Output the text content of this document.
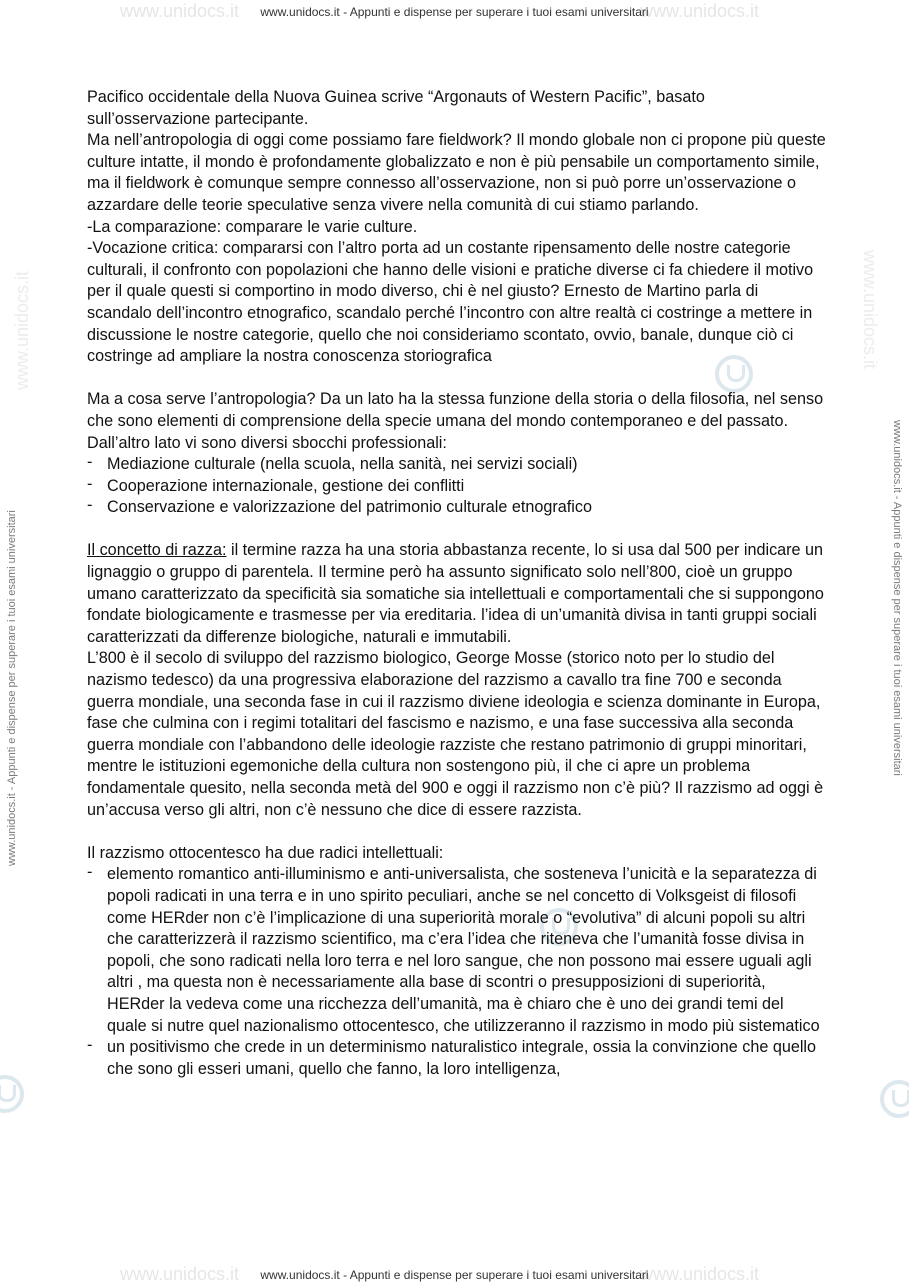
www.unidocs.it	www.unidocs.it
www.unidocs.it - Appunti e dispense per superare i tuoi esami universitari
www.unidocs.it	www.unidocs.it
www.unidocs.it - Appunti e dispense per superare i tuoi esami universitari	www.unidocs.it - Appunti e dispense per superare i tuoi esami universitari

Pacifico occidentale della Nuova Guinea scrive “Argonauts of Western Pacific”, basato sull’osservazione partecipante.

Ma nell’antropologia di oggi come possiamo fare fieldwork? Il mondo globale non ci propone più queste culture intatte, il mondo è profondamente globalizzato e non è più pensabile un comportamento simile, ma il fieldwork è comunque sempre connesso all’osservazione, non si può porre un’osservazione o azzardare delle teorie speculative senza vivere nella comunità di cui stiamo parlando.

-La comparazione: comparare le varie culture.

-Vocazione critica: compararsi con l’altro porta ad un costante ripensamento delle nostre categorie culturali, il confronto con popolazioni che hanno delle visioni e pratiche diverse ci fa chiedere il motivo per il quale questi si comportino in modo diverso, chi è nel giusto? Ernesto de Martino parla di scandalo dell’incontro etnografico, scandalo perché l’incontro con altre realtà ci costringe a mettere in discussione le nostre categorie, quello che noi consideriamo scontato, ovvio, banale, dunque ciò ci costringe ad ampliare la nostra conoscenza storiografica

Ma a cosa serve l’antropologia? Da un lato ha la stessa funzione della storia o della filosofia, nel senso che sono elementi di comprensione della specie umana del mondo contemporaneo e del passato. Dall’altro lato vi sono diversi sbocchi professionali:

- Mediazione culturale (nella scuola, nella sanità, nei servizi sociali)
- Cooperazione internazionale, gestione dei conflitti
- Conservazione e valorizzazione del patrimonio culturale etnografico

Il concetto di razza: il termine razza ha una storia abbastanza recente, lo si usa dal 500 per indicare un lignaggio o gruppo di parentela. Il termine però ha assunto significato solo nell’800, cioè un gruppo umano caratterizzato da specificità sia somatiche sia intellettuali e comportamentali che si suppongono fondate biologicamente e trasmesse per via ereditaria. l’idea di un’umanità divisa in tanti gruppi sociali caratterizzati da differenze biologiche, naturali e immutabili.

L’800 è il secolo di sviluppo del razzismo biologico, George Mosse (storico noto per lo studio del nazismo tedesco) da una progressiva elaborazione del razzismo a cavallo tra fine 700 e seconda guerra mondiale, una seconda fase in cui il razzismo diviene ideologia e scienza dominante in Europa, fase che culmina con i regimi totalitari del fascismo e nazismo, e una fase successiva alla seconda guerra mondiale con l’abbandono delle ideologie razziste che restano patrimonio di gruppi minoritari, mentre le istituzioni egemoniche della cultura non sostengono più, il che ci apre un problema fondamentale quesito, nella seconda metà del 900 e oggi il razzismo non c’è più? Il razzismo ad oggi è un’accusa verso gli altri, non c’è nessuno che dice di essere razzista.

Il razzismo ottocentesco ha due radici intellettuali:

- elemento romantico anti-illuminismo e anti-universalista, che sosteneva l’unicità e la separatezza di popoli radicati in una terra e in uno spirito peculiari, anche se nel concetto di Volksgeist di filosofi come HERder non c’è l’implicazione di una superiorità morale o “evolutiva” di alcuni popoli su altri che caratterizzerà il razzismo scientifico, ma c’era l’idea che riteneva che l’umanità fosse divisa in popoli, che sono radicati nella loro terra e nel loro sangue, che non possono mai essere uguali agli altri , ma questa non è necessariamente alla base di scontri o presupposizioni di superiorità, HERder la vedeva come una ricchezza dell’umanità, ma è chiaro che è uno dei grandi temi del quale si nutre quel nazionalismo ottocentesco, che utilizzeranno il razzismo in modo più sistematico
- un positivismo che crede in un determinismo naturalistico integrale, ossia la convinzione che quello che sono gli esseri umani, quello che fanno, la loro intelligenza,
www.unidocs.it	www.unidocs.it
www.unidocs.it - Appunti e dispense per superare i tuoi esami universitari
